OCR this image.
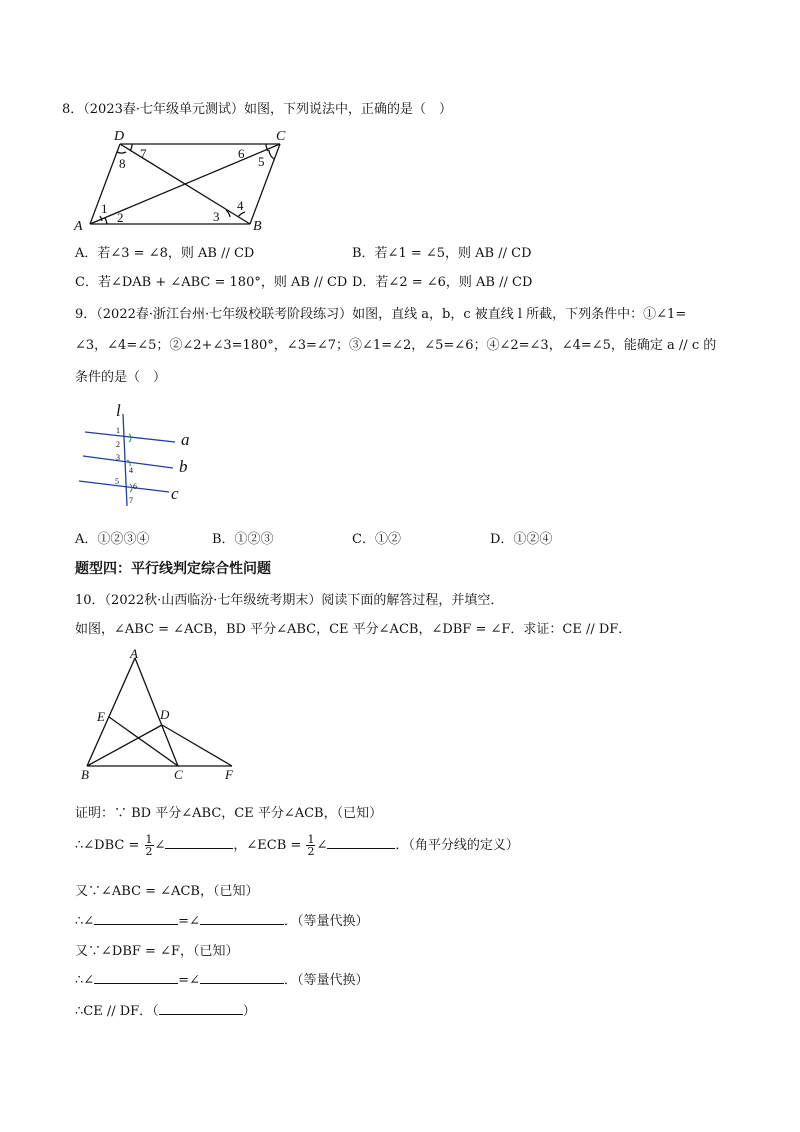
8．（2023春·七年级单元测试）如图，下列说法中，正确的是（　）
D	C
A	B
1
2	3
4
5
6
7
8
A．若∠3 = ∠8，则 AB // CD	B．若∠1 = ∠5，则 AB // CD
C．若∠DAB + ∠ABC = 180°，则 AB // CD D．若∠2 = ∠6，则 AB // CD
9．（2022春·浙江台州·七年级校联考阶段练习）如图，直线 a，b，c 被直线 l 所截，下列条件中：①∠1=
∠3，∠4=∠5；②∠2+∠3=180°，∠3=∠7；③∠1=∠2，∠5=∠6；④∠2=∠3，∠4=∠5，能确定 a // c 的
条件的是（　）
l
a
b
c
1
2
3
4
5
6
7
A．①②③④	B．①②③	C．①②	D．①②④
题型四：平行线判定综合性问题
10．（2022秋·山西临汾·七年级统考期末）阅读下面的解答过程，并填空．
如图，∠ABC = ∠ACB，BD 平分∠ABC，CE 平分∠ACB，∠DBF = ∠F．求证：CE // DF．
A
E	D
B	C	F
证明：∵ BD 平分∠ABC，CE 平分∠ACB，（已知）
∴∠DBC = $\frac{1}{2}$ ∠	，∠ECB = $\frac{1}{2}$ ∠	．（角平分线的定义）
又∵∠ABC = ∠ACB，（已知）
∴∠	=∠	．（等量代换）
又∵∠DBF = ∠F，（已知）
∴∠	=∠	．（等量代换）
∴CE // DF．（	）
